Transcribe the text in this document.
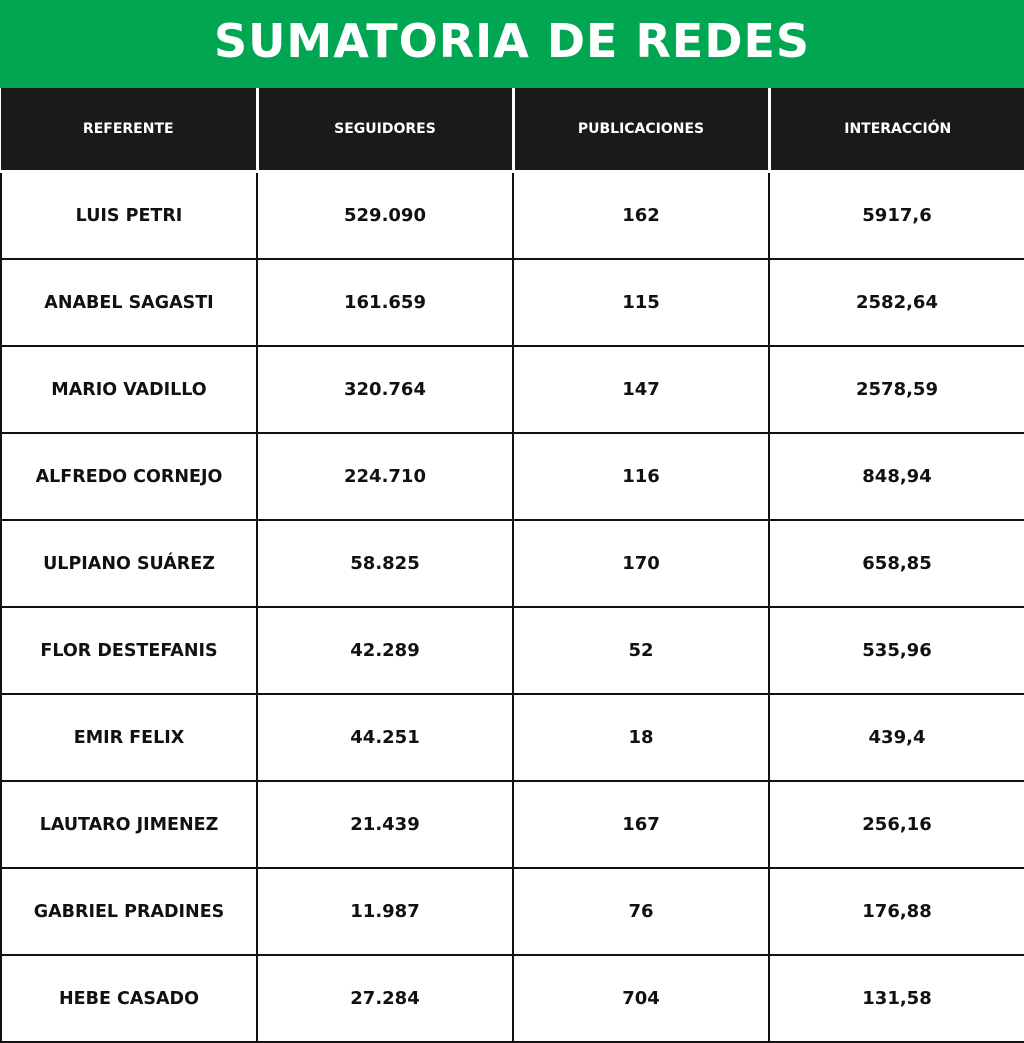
SUMATORIA DE REDES
REFERENTE	SEGUIDORES	PUBLICACIONES	INTERACCIÓN
LUIS PETRI	529.090	162	5917,6
ANABEL SAGASTI	161.659	115	2582,64
MARIO VADILLO	320.764	147	2578,59
ALFREDO CORNEJO	224.710	116	848,94
ULPIANO SUÁREZ	58.825	170	658,85
FLOR DESTEFANIS	42.289	52	535,96
EMIR FELIX	44.251	18	439,4
LAUTARO JIMENEZ	21.439	167	256,16
GABRIEL PRADINES	11.987	76	176,88
HEBE CASADO	27.284	704	131,58
